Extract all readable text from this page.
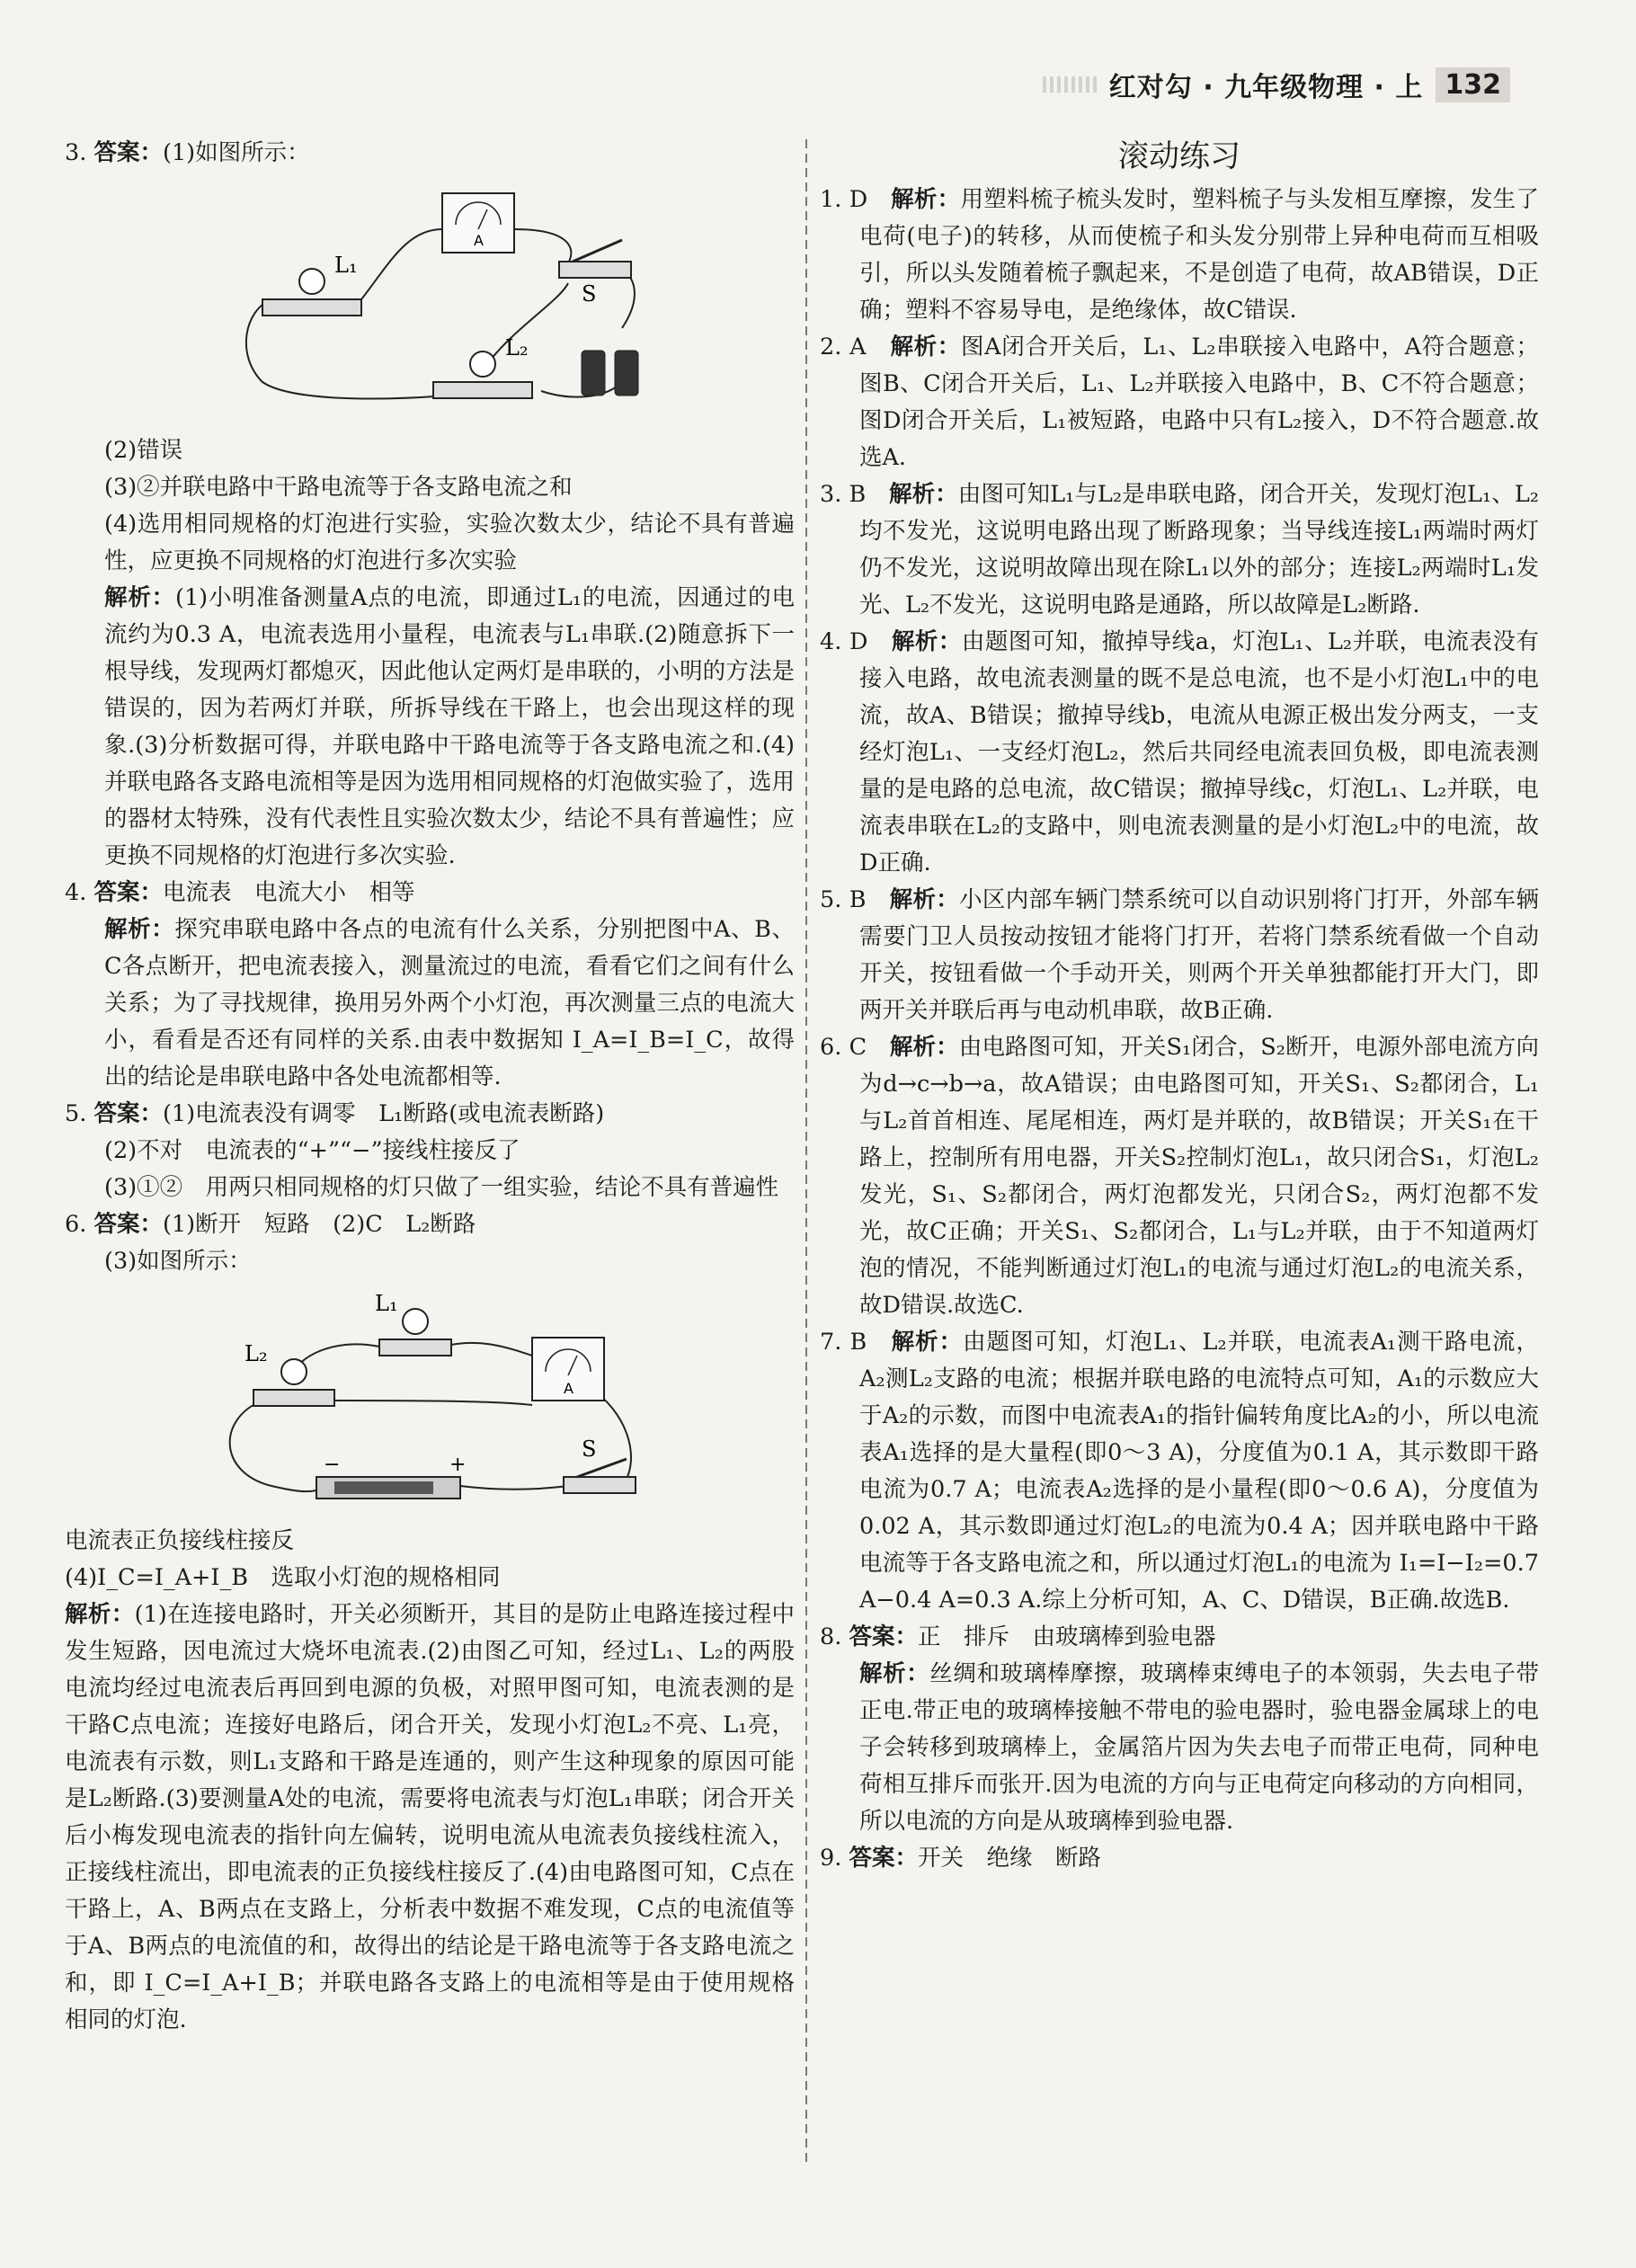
红对勾 · 九年级物理 · 上 132

3. 答案：(1)如图所示：

A
L₁
L₂
S

(2)错误

(3)②并联电路中干路电流等于各支路电流之和

(4)选用相同规格的灯泡进行实验，实验次数太少，结论不具有普遍性，应更换不同规格的灯泡进行多次实验

解析：(1)小明准备测量A点的电流，即通过L₁的电流，因通过的电流约为0.3 A，电流表选用小量程，电流表与L₁串联.(2)随意拆下一根导线，发现两灯都熄灭，因此他认定两灯是串联的，小明的方法是错误的，因为若两灯并联，所拆导线在干路上，也会出现这样的现象.(3)分析数据可得，并联电路中干路电流等于各支路电流之和.(4)并联电路各支路电流相等是因为选用相同规格的灯泡做实验了，选用的器材太特殊，没有代表性且实验次数太少，结论不具有普遍性；应更换不同规格的灯泡进行多次实验.

4. 答案：电流表　电流大小　相等

解析：探究串联电路中各点的电流有什么关系，分别把图中A、B、C各点断开，把电流表接入，测量流过的电流，看看它们之间有什么关系；为了寻找规律，换用另外两个小灯泡，再次测量三点的电流大小，看看是否还有同样的关系.由表中数据知 I_A=I_B=I_C，故得出的结论是串联电路中各处电流都相等.

5. 答案：(1)电流表没有调零　L₁断路(或电流表断路)

(2)不对　电流表的“+”“−”接线柱接反了

(3)①②　用两只相同规格的灯只做了一组实验，结论不具有普遍性

6. 答案：(1)断开　短路　(2)C　L₂断路

(3)如图所示：

L₁
L₂
A
−	+
S

电流表正负接线柱接反

(4)I_C=I_A+I_B　选取小灯泡的规格相同

解析：(1)在连接电路时，开关必须断开，其目的是防止电路连接过程中发生短路，因电流过大烧坏电流表.(2)由图乙可知，经过L₁、L₂的两股电流均经过电流表后再回到电源的负极，对照甲图可知，电流表测的是干路C点电流；连接好电路后，闭合开关，发现小灯泡L₂不亮、L₁亮，电流表有示数，则L₁支路和干路是连通的，则产生这种现象的原因可能是L₂断路.(3)要测量A处的电流，需要将电流表与灯泡L₁串联；闭合开关后小梅发现电流表的指针向左偏转，说明电流从电流表负接线柱流入，正接线柱流出，即电流表的正负接线柱接反了.(4)由电路图可知，C点在干路上，A、B两点在支路上，分析表中数据不难发现，C点的电流值等于A、B两点的电流值的和，故得出的结论是干路电流等于各支路电流之和，即 I_C=I_A+I_B；并联电路各支路上的电流相等是由于使用规格相同的灯泡.

滚动练习

1. D　 解析：用塑料梳子梳头发时，塑料梳子与头发相互摩擦，发生了电荷(电子)的转移，从而使梳子和头发分别带上异种电荷而互相吸引，所以头发随着梳子飘起来，不是创造了电荷，故AB错误，D正确；塑料不容易导电，是绝缘体，故C错误.

2. A　 解析：图A闭合开关后，L₁、L₂串联接入电路中，A符合题意；图B、C闭合开关后，L₁、L₂并联接入电路中，B、C不符合题意；图D闭合开关后，L₁被短路，电路中只有L₂接入，D不符合题意.故选A.

3. B　 解析：由图可知L₁与L₂是串联电路，闭合开关，发现灯泡L₁、L₂均不发光，这说明电路出现了断路现象；当导线连接L₁两端时两灯仍不发光，这说明故障出现在除L₁以外的部分；连接L₂两端时L₁发光、L₂不发光，这说明电路是通路，所以故障是L₂断路.

4. D　 解析：由题图可知，撤掉导线a，灯泡L₁、L₂并联，电流表没有接入电路，故电流表测量的既不是总电流，也不是小灯泡L₁中的电流，故A、B错误；撤掉导线b，电流从电源正极出发分两支，一支经灯泡L₁、一支经灯泡L₂，然后共同经电流表回负极，即电流表测量的是电路的总电流，故C错误；撤掉导线c，灯泡L₁、L₂并联，电流表串联在L₂的支路中，则电流表测量的是小灯泡L₂中的电流，故D正确.

5. B　 解析：小区内部车辆门禁系统可以自动识别将门打开，外部车辆需要门卫人员按动按钮才能将门打开，若将门禁系统看做一个自动开关，按钮看做一个手动开关，则两个开关单独都能打开大门，即两开关并联后再与电动机串联，故B正确.

6. C　 解析：由电路图可知，开关S₁闭合，S₂断开，电源外部电流方向为d→c→b→a，故A错误；由电路图可知，开关S₁、S₂都闭合，L₁与L₂首首相连、尾尾相连，两灯是并联的，故B错误；开关S₁在干路上，控制所有用电器，开关S₂控制灯泡L₁，故只闭合S₁，灯泡L₂发光，S₁、S₂都闭合，两灯泡都发光，只闭合S₂，两灯泡都不发光，故C正确；开关S₁、S₂都闭合，L₁与L₂并联，由于不知道两灯泡的情况，不能判断通过灯泡L₁的电流与通过灯泡L₂的电流关系，故D错误.故选C.

7. B　 解析：由题图可知，灯泡L₁、L₂并联，电流表A₁测干路电流，A₂测L₂支路的电流；根据并联电路的电流特点可知，A₁的示数应大于A₂的示数，而图中电流表A₁的指针偏转角度比A₂的小，所以电流表A₁选择的是大量程(即0～3 A)，分度值为0.1 A，其示数即干路电流为0.7 A；电流表A₂选择的是小量程(即0～0.6 A)，分度值为0.02 A，其示数即通过灯泡L₂的电流为0.4 A；因并联电路中干路电流等于各支路电流之和，所以通过灯泡L₁的电流为 I₁=I−I₂=0.7 A−0.4 A=0.3 A.综上分析可知，A、C、D错误，B正确.故选B.

8. 答案：正　排斥　由玻璃棒到验电器

解析：丝绸和玻璃棒摩擦，玻璃棒束缚电子的本领弱，失去电子带正电.带正电的玻璃棒接触不带电的验电器时，验电器金属球上的电子会转移到玻璃棒上，金属箔片因为失去电子而带正电荷，同种电荷相互排斥而张开.因为电流的方向与正电荷定向移动的方向相同，所以电流的方向是从玻璃棒到验电器.

9. 答案：开关　绝缘　断路
